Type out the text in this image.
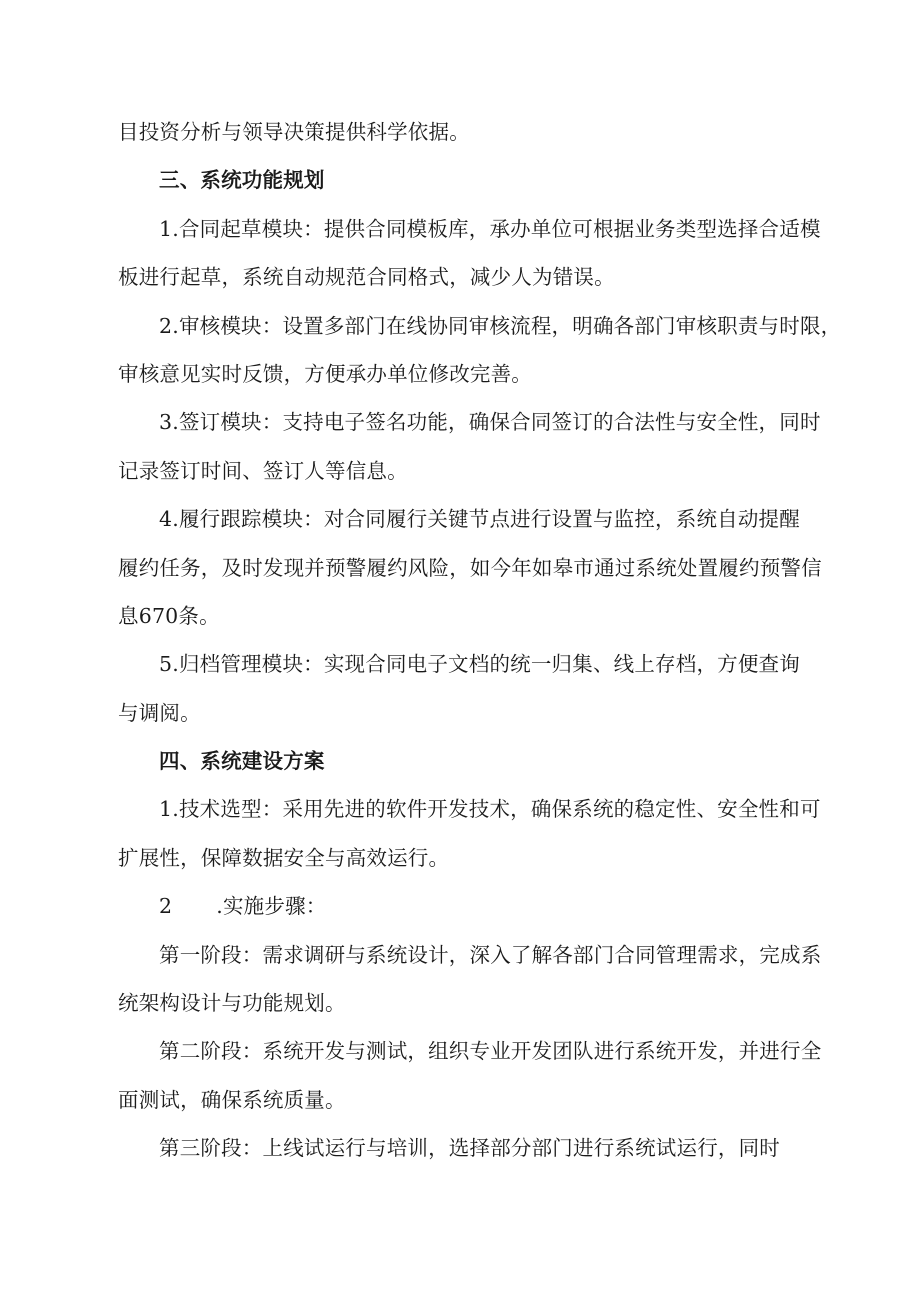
目投资分析与领导决策提供科学依据。
三、系统功能规划
1.合同起草模块：提供合同模板库，承办单位可根据业务类型选择合适模
板进行起草，系统自动规范合同格式，减少人为错误。
2.审核模块：设置多部门在线协同审核流程，明确各部门审核职责与时限，
审核意见实时反馈，方便承办单位修改完善。
3.签订模块：支持电子签名功能，确保合同签订的合法性与安全性，同时
记录签订时间、签订人等信息。
4.履行跟踪模块：对合同履行关键节点进行设置与监控，系统自动提醒
履约任务，及时发现并预警履约风险，如今年如皋市通过系统处置履约预警信
息670条。
5.归档管理模块：实现合同电子文档的统一归集、线上存档，方便查询
与调阅。
四、系统建设方案
1.技术选型：采用先进的软件开发技术，确保系统的稳定性、安全性和可
扩展性，保障数据安全与高效运行。
2 .实施步骤：
第一阶段：需求调研与系统设计，深入了解各部门合同管理需求，完成系
统架构设计与功能规划。
第二阶段：系统开发与测试，组织专业开发团队进行系统开发，并进行全
面测试，确保系统质量。
第三阶段：上线试运行与培训，选择部分部门进行系统试运行，同时
